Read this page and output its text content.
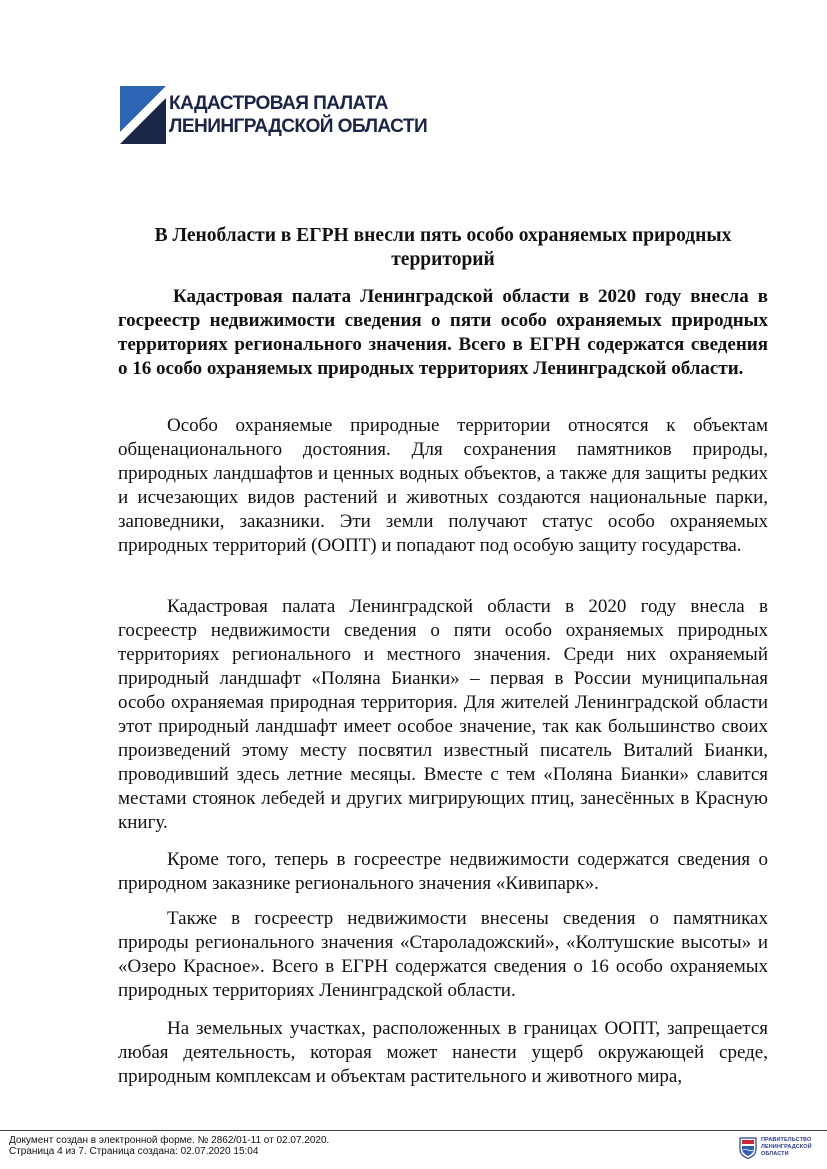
КАДАСТРОВАЯ ПАЛАТА
ЛЕНИНГРАДСКОЙ ОБЛАСТИ
В Ленобласти в ЕГРН внесли пять особо охраняемых природных территорий
Кадастровая палата Ленинградской области в 2020 году внесла в госреестр недвижимости сведения о пяти особо охраняемых природных территориях регионального значения. Всего в ЕГРН содержатся сведения о 16 особо охраняемых природных территориях Ленинградской области.

Особо охраняемые природные территории относятся к объектам общенационального достояния. Для сохранения памятников природы, природных ландшафтов и ценных водных объектов, а также для защиты редких и исчезающих видов растений и животных создаются национальные парки, заповедники, заказники. Эти земли получают статус особо охраняемых природных территорий (ООПТ) и попадают под особую защиту государства.

Кадастровая палата Ленинградской области в 2020 году внесла в госреестр недвижимости сведения о пяти особо охраняемых природных территориях регионального и местного значения. Среди них охраняемый природный ландшафт «Поляна Бианки» – первая в России муниципальная особо охраняемая природная территория. Для жителей Ленинградской области этот природный ландшафт имеет особое значение, так как большинство своих произведений этому месту посвятил известный писатель Виталий Бианки, проводивший здесь летние месяцы. Вместе с тем «Поляна Бианки» славится местами стоянок лебедей и других мигрирующих птиц, занесённых в Красную книгу.

Кроме того, теперь в госреестре недвижимости содержатся сведения о природном заказнике регионального значения «Кивипарк».

Также в госреестр недвижимости внесены сведения о памятниках природы регионального значения «Староладожский», «Колтушские высоты» и «Озеро Красное». Всего в ЕГРН содержатся сведения о 16 особо охраняемых природных территориях Ленинградской области.

На земельных участках, расположенных в границах ООПТ, запрещается любая деятельность, которая может нанести ущерб окружающей среде, природным комплексам и объектам растительного и животного мира,

Документ создан в электронной форме. № 2862/01-11 от 02.07.2020.
Страница 4 из 7. Страница создана: 02.07.2020 15:04
ПРАВИТЕЛЬСТВО
ЛЕНИНГРАДСКОЙ
ОБЛАСТИ
